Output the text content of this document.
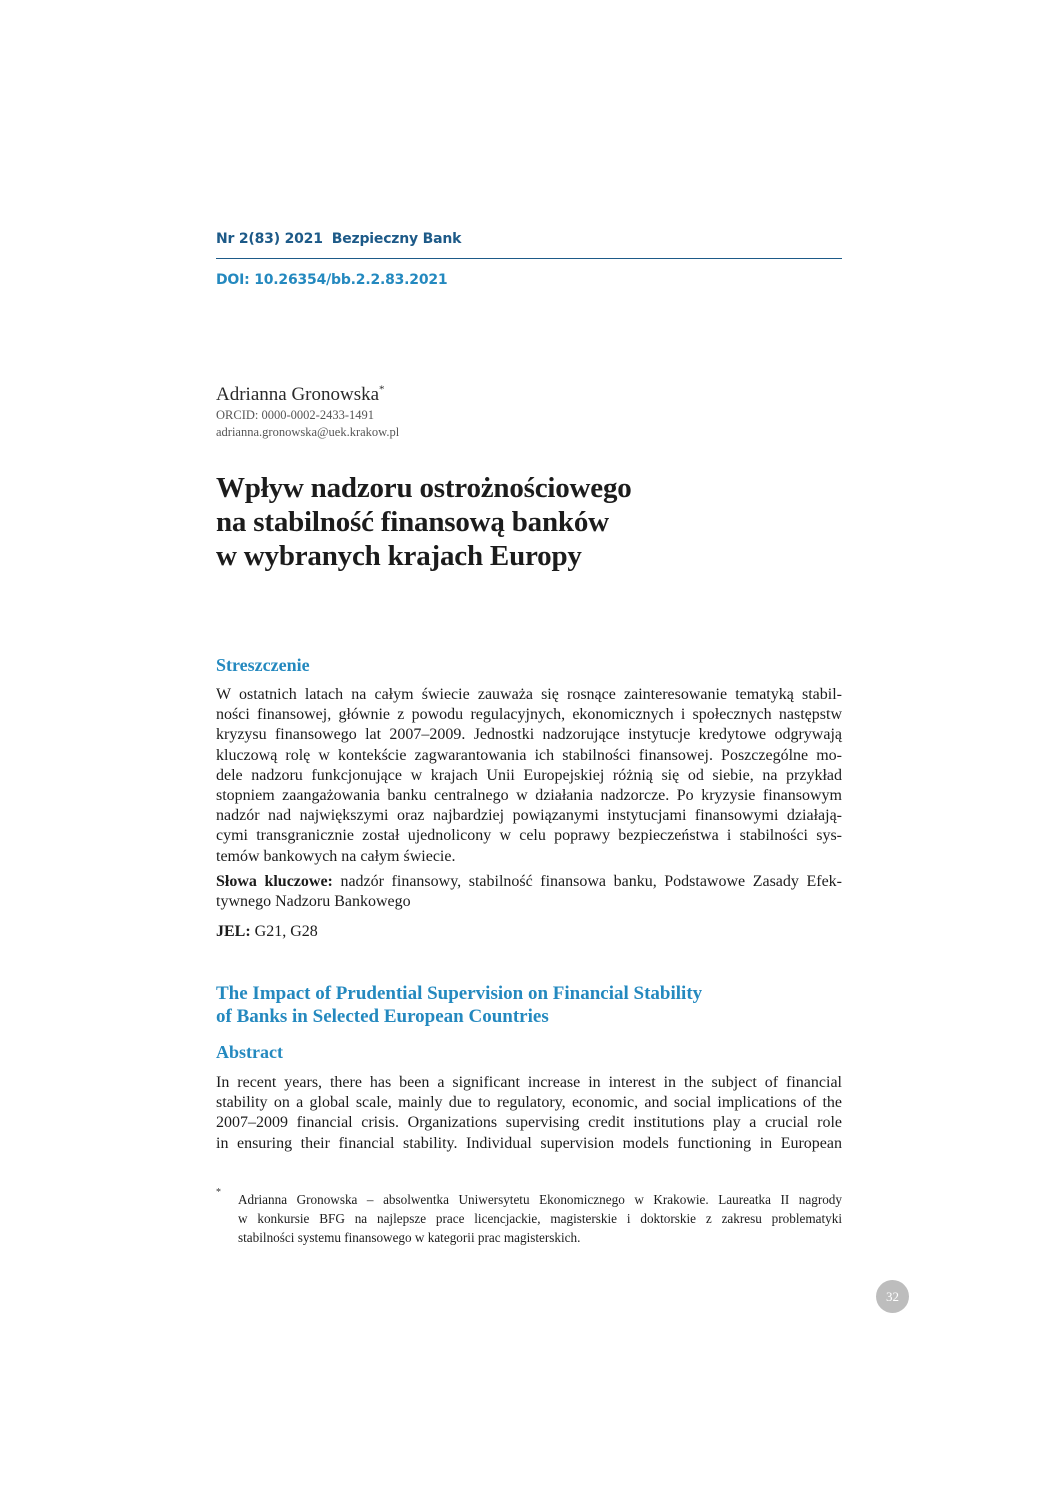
Nr 2(83) 2021 Bezpieczny Bank
DOI: 10.26354/bb.2.2.83.2021
Adrianna Gronowska*
ORCID: 0000-0002-2433-1491
adrianna.gronowska@uek.krakow.pl
Wpływ nadzoru ostrożnościowego
na stabilność finansową banków
w wybranych krajach Europy
Streszczenie
W ostatnich latach na całym świecie zauważa się rosnące zainteresowanie tematyką stabil-
ności finansowej, głównie z powodu regulacyjnych, ekonomicznych i społecznych następstw
kryzysu finansowego lat 2007–2009. Jednostki nadzorujące instytucje kredytowe odgrywają
kluczową rolę w kontekście zagwarantowania ich stabilności finansowej. Poszczególne mo-
dele nadzoru funkcjonujące w krajach Unii Europejskiej różnią się od siebie, na przykład
stopniem zaangażowania banku centralnego w działania nadzorcze. Po kryzysie finansowym
nadzór nad największymi oraz najbardziej powiązanymi instytucjami finansowymi działają-
cymi transgranicznie został ujednolicony w celu poprawy bezpieczeństwa i stabilności sys-
temów bankowych na całym świecie.
Słowa kluczowe: nadzór finansowy, stabilność finansowa banku, Podstawowe Zasady Efek-
tywnego Nadzoru Bankowego
JEL: G21, G28
The Impact of Prudential Supervision on Financial Stability
of Banks in Selected European Countries
Abstract
In recent years, there has been a significant increase in interest in the subject of financial
stability on a global scale, mainly due to regulatory, economic, and social implications of the
2007–2009 financial crisis. Organizations supervising credit institutions play a crucial role
in ensuring their financial stability. Individual supervision models functioning in European
* Adrianna Gronowska – absolwentka Uniwersytetu Ekonomicznego w Krakowie. Laureatka II nagrody
w konkursie BFG na najlepsze prace licencjackie, magisterskie i doktorskie z zakresu problematyki
stabilności systemu finansowego w kategorii prac magisterskich.
32
